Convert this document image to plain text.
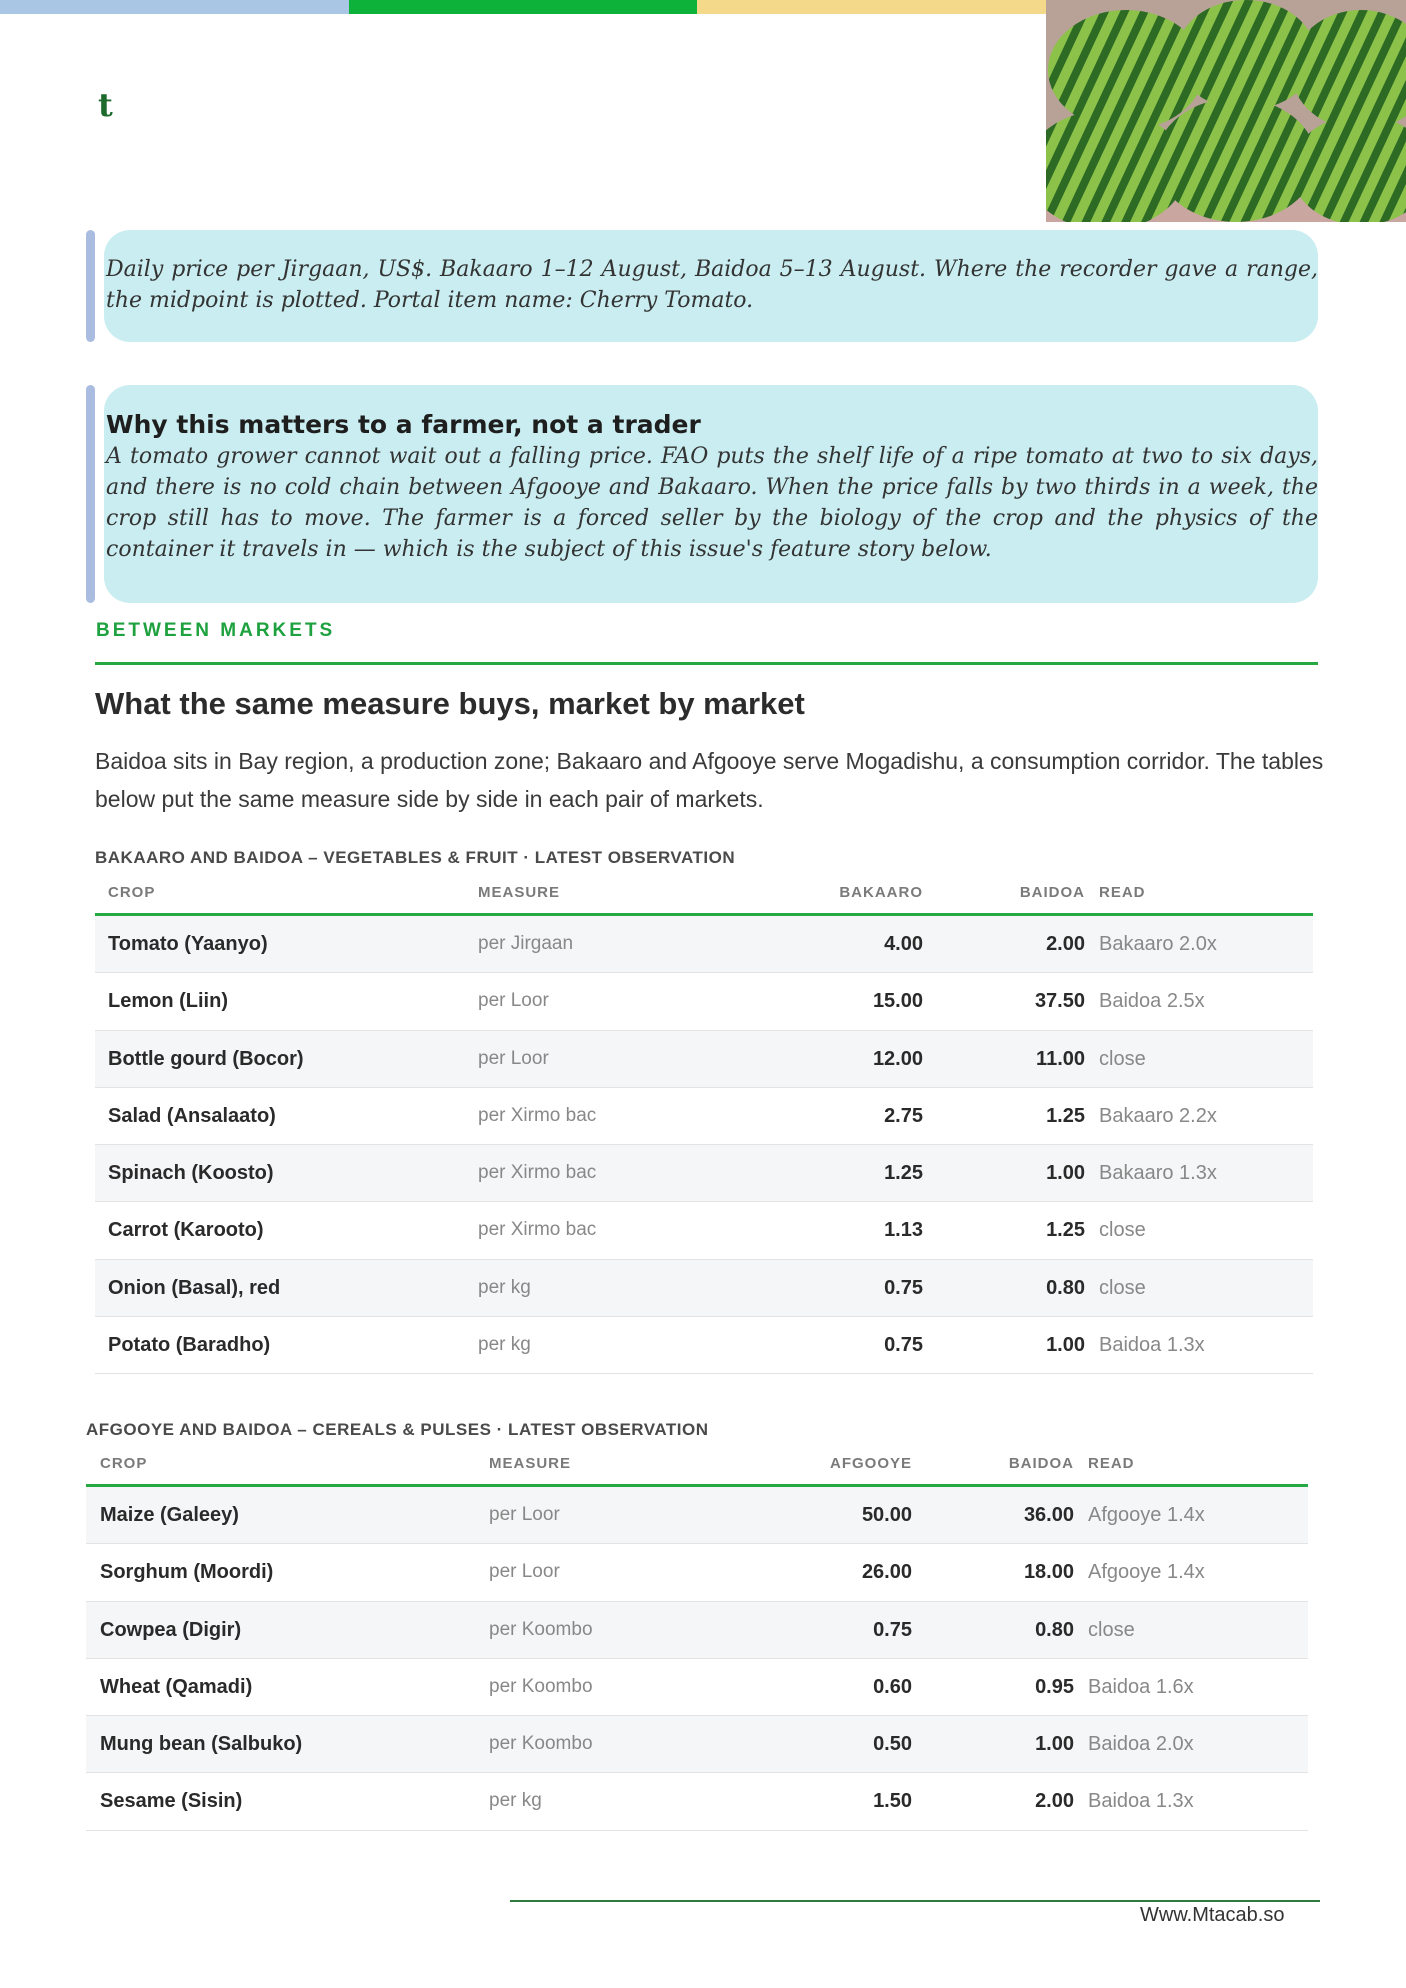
t
Daily price per Jirgaan, US$. Bakaaro 1–12 August, Baidoa 5–13 August. Where the recorder gave a range, the midpoint is plotted. Portal item name: Cherry Tomato.
Why this matters to a farmer, not a trader
A tomato grower cannot wait out a falling price. FAO puts the shelf life of a ripe tomato at two to six days, and there is no cold chain between Afgooye and Bakaaro. When the price falls by two thirds in a week, the crop still has to move. The farmer is a forced seller by the biology of the crop and the physics of the container it travels in — which is the subject of this issue's feature story below.
BETWEEN MARKETS
What the same measure buys, market by market
Baidoa sits in Bay region, a production zone; Bakaaro and Afgooye serve Mogadishu, a consumption corridor. The tables below put the same measure side by side in each pair of markets.
BAKAARO AND BAIDOA – VEGETABLES & FRUIT · LATEST OBSERVATION
CROP	MEASURE	BAKAARO	BAIDOA READ
Tomato (Yaanyo)	per Jirgaan	4.00	2.00 Bakaaro 2.0x
Lemon (Liin)	per Loor	15.00	37.50 Baidoa 2.5x
Bottle gourd (Bocor)	per Loor	12.00	11.00 close
Salad (Ansalaato)	per Xirmo bac	2.75	1.25 Bakaaro 2.2x
Spinach (Koosto)	per Xirmo bac	1.25	1.00 Bakaaro 1.3x
Carrot (Karooto)	per Xirmo bac	1.13	1.25 close
Onion (Basal), red	per kg	0.75	0.80 close
Potato (Baradho)	per kg	0.75	1.00 Baidoa 1.3x
AFGOOYE AND BAIDOA – CEREALS & PULSES · LATEST OBSERVATION
CROP	MEASURE	AFGOOYE	BAIDOA READ
Maize (Galeey)	per Loor	50.00	36.00 Afgooye 1.4x
Sorghum (Moordi)	per Loor	26.00	18.00 Afgooye 1.4x
Cowpea (Digir)	per Koombo	0.75	0.80 close
Wheat (Qamadi)	per Koombo	0.60	0.95 Baidoa 1.6x
Mung bean (Salbuko)	per Koombo	0.50	1.00 Baidoa 2.0x
Sesame (Sisin)	per kg	1.50	2.00 Baidoa 1.3x
Www.Mtacab.so
